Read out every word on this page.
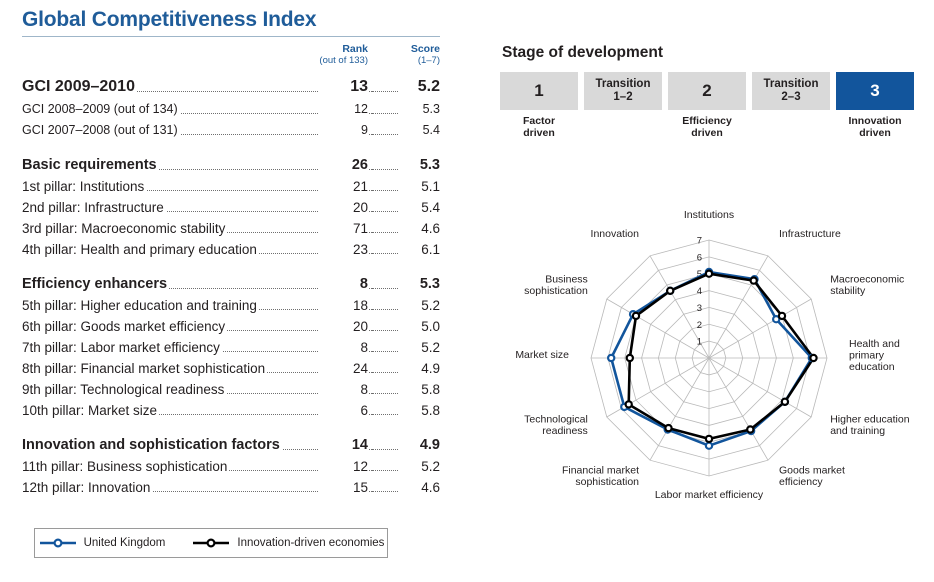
Global Competitiveness Index
Rank
(out of 133)
Score
(1–7)
GCI 2009–2010	13	5.2
GCI 2008–2009 (out of 134)	12	5.3
GCI 2007–2008 (out of 131)	9	5.4
Basic requirements	26	5.3
1st pillar: Institutions	21	5.1
2nd pillar: Infrastructure	20	5.4
3rd pillar: Macroeconomic stability	71	4.6
4th pillar: Health and primary education	23	6.1
Efficiency enhancers	8	5.3
5th pillar: Higher education and training	18	5.2
6th pillar: Goods market efficiency	20	5.0
7th pillar: Labor market efficiency	8	5.2
8th pillar: Financial market sophistication	24	4.9
9th pillar: Technological readiness	8	5.8
10th pillar: Market size	6	5.8
Innovation and sophistication factors	14	4.9
11th pillar: Business sophistication	12	5.2
12th pillar: Innovation	15	4.6
Stage of development
1
Factor
driven
Transition
1–2	2
Efficiency
driven
Transition
2–3	3
Innovation
driven
1
2
3
4
5
6
7
Institutions
Infrastructure
Macroeconomic stability
Health and primary education
Higher education and training
Goods market efficiency
Labor market efficiency
Financial market sophistication
Technological readiness
Market size
Business sophistication
Innovation
United Kingdom	Innovation-driven economies
